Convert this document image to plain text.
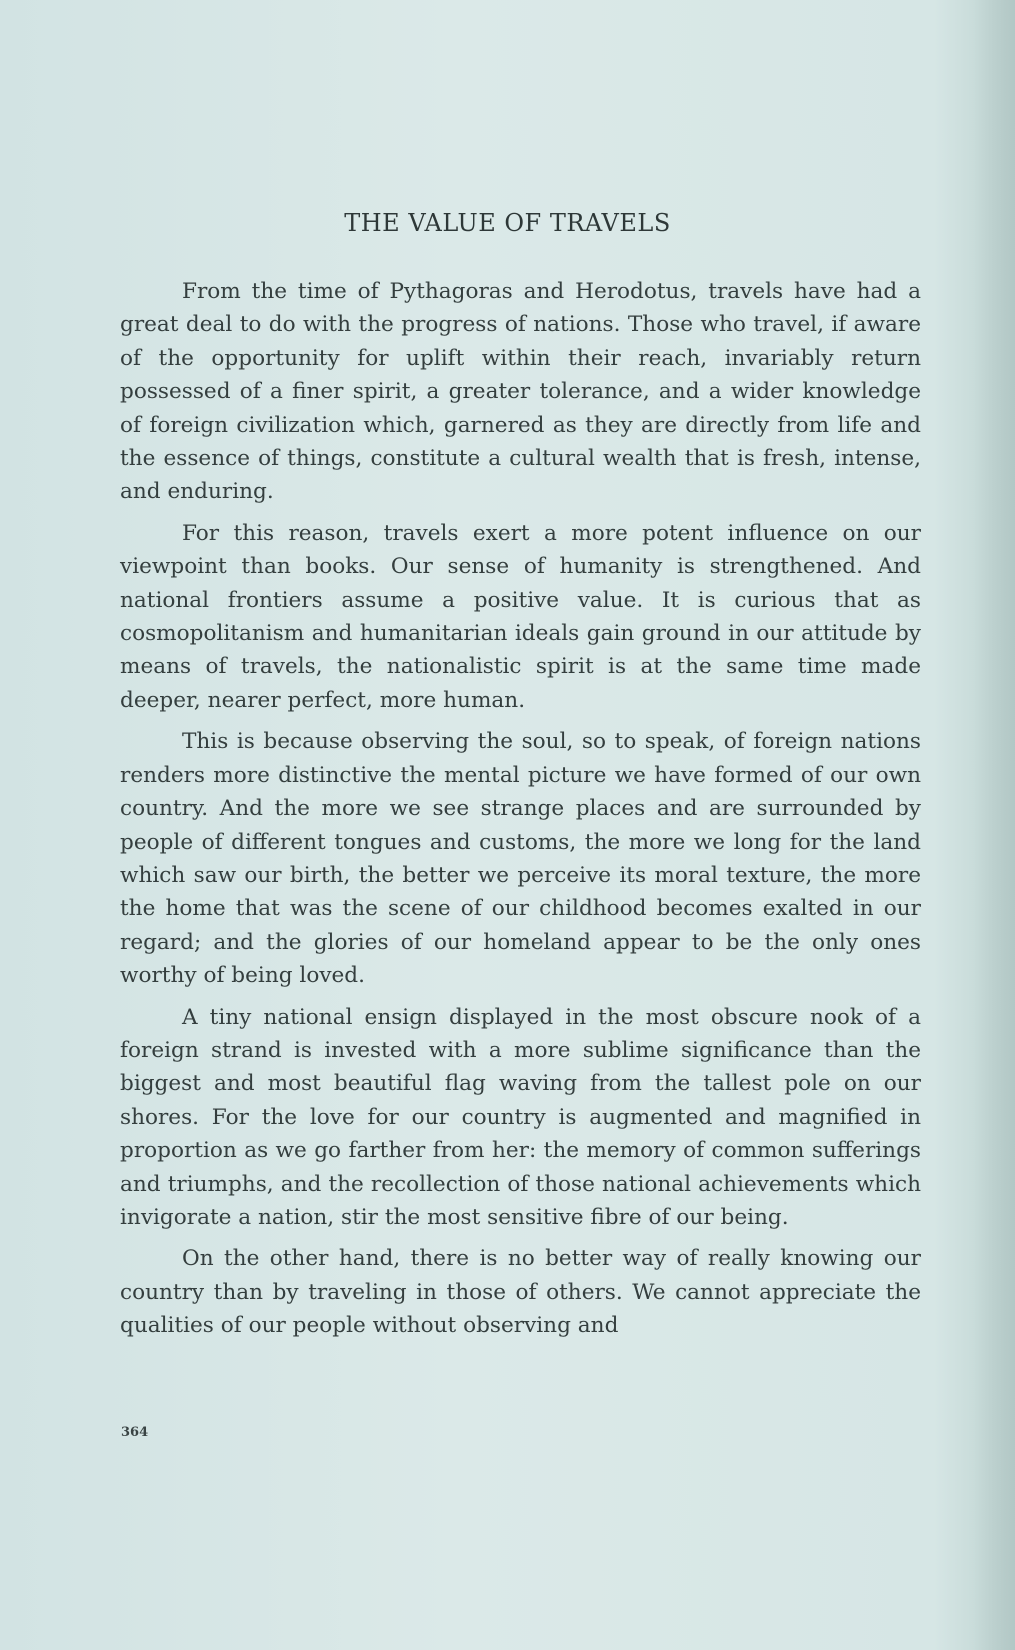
THE VALUE OF TRAVELS

From the time of Pythagoras and Herodotus, travels have had a great deal to do with the progress of nations. Those who travel, if aware of the opportunity for uplift within their reach, invariably return possessed of a finer spirit, a greater tolerance, and a wider knowledge of foreign civilization which, garnered as they are directly from life and the essence of things, constitute a cultural wealth that is fresh, intense, and enduring.

For this reason, travels exert a more potent influence on our viewpoint than books. Our sense of humanity is strengthened. And national frontiers assume a positive value. It is curious that as cosmopolitanism and humanitarian ideals gain ground in our attitude by means of travels, the nationalistic spirit is at the same time made deeper, nearer perfect, more human.

This is because observing the soul, so to speak, of foreign nations renders more distinctive the mental picture we have formed of our own country. And the more we see strange places and are surrounded by people of different tongues and customs, the more we long for the land which saw our birth, the better we perceive its moral texture, the more the home that was the scene of our childhood becomes exalted in our regard; and the glories of our homeland appear to be the only ones worthy of being loved.

A tiny national ensign displayed in the most obscure nook of a foreign strand is invested with a more sublime significance than the biggest and most beautiful flag waving from the tallest pole on our shores. For the love for our country is augmented and magnified in proportion as we go farther from her: the memory of common sufferings and triumphs, and the recollection of those national achievements which invigorate a nation, stir the most sensitive fibre of our being.

On the other hand, there is no better way of really knowing our country than by traveling in those of others. We cannot appreciate the qualities of our people without observing and

364
